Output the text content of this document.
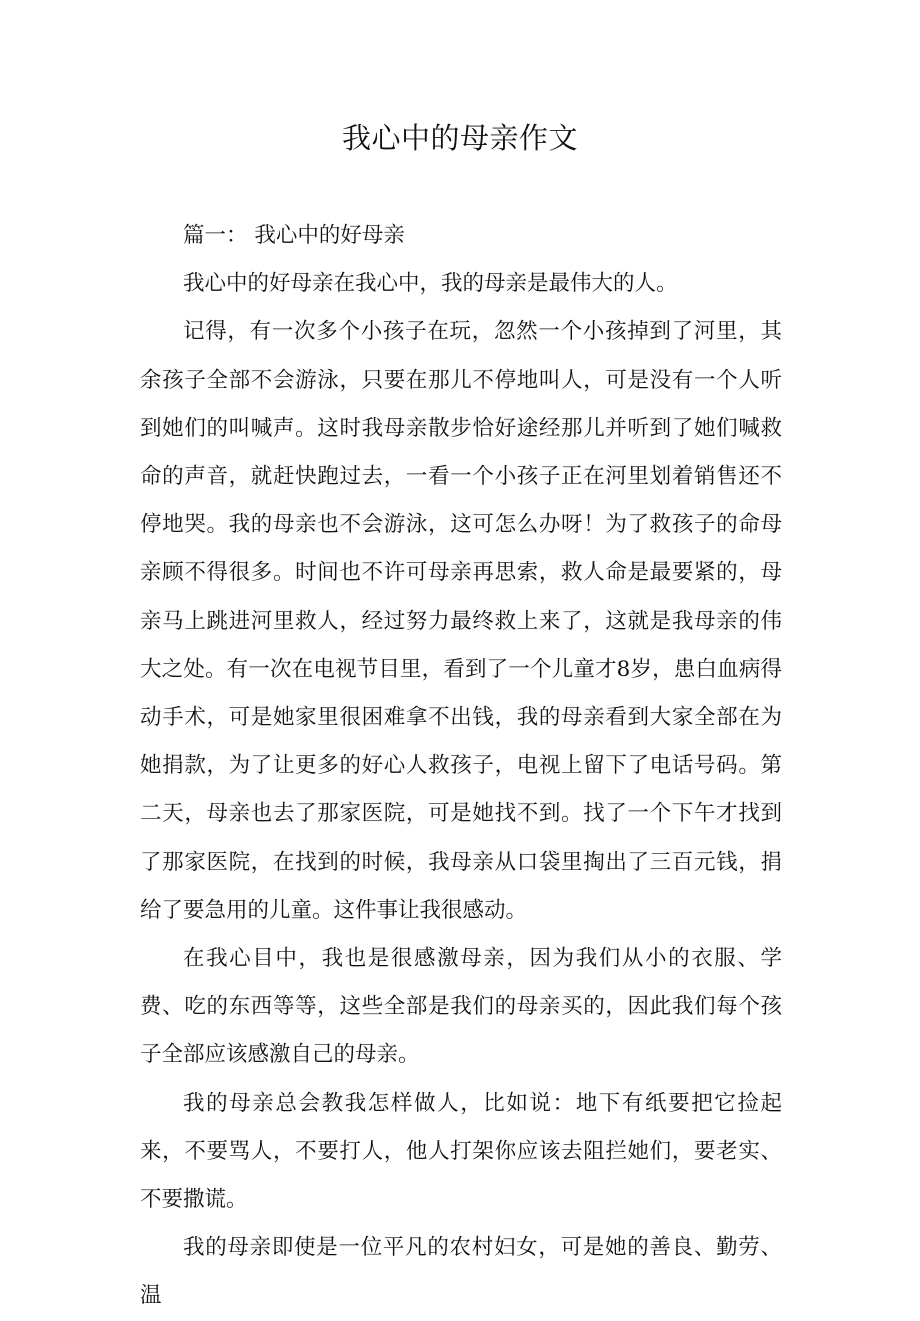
我心中的母亲作文

篇一： 我心中的好母亲

我心中的好母亲在我心中，我的母亲是最伟大的人。

记得，有一次多个小孩子在玩，忽然一个小孩掉到了河里，其余孩子全部不会游泳，只要在那儿不停地叫人，可是没有一个人听到她们的叫喊声。这时我母亲散步恰好途经那儿并听到了她们喊救命的声音，就赶快跑过去，一看一个小孩子正在河里划着销售还不停地哭。我的母亲也不会游泳，这可怎么办呀！为了救孩子的命母亲顾不得很多。时间也不许可母亲再思索，救人命是最要紧的，母亲马上跳进河里救人，经过努力最终救上来了，这就是我母亲的伟大之处。有一次在电视节目里，看到了一个儿童才8岁，患白血病得动手术，可是她家里很困难拿不出钱，我的母亲看到大家全部在为她捐款，为了让更多的好心人救孩子，电视上留下了电话号码。第二天，母亲也去了那家医院，可是她找不到。找了一个下午才找到了那家医院，在找到的时候，我母亲从口袋里掏出了三百元钱，捐给了要急用的儿童。这件事让我很感动。

在我心目中，我也是很感激母亲，因为我们从小的衣服、学费、吃的东西等等，这些全部是我们的母亲买的，因此我们每个孩子全部应该感激自己的母亲。

我的母亲总会教我怎样做人，比如说：地下有纸要把它捡起来，不要骂人，不要打人，他人打架你应该去阻拦她们，要老实、不要撒谎。

我的母亲即使是一位平凡的农村妇女，可是她的善良、勤劳、温
